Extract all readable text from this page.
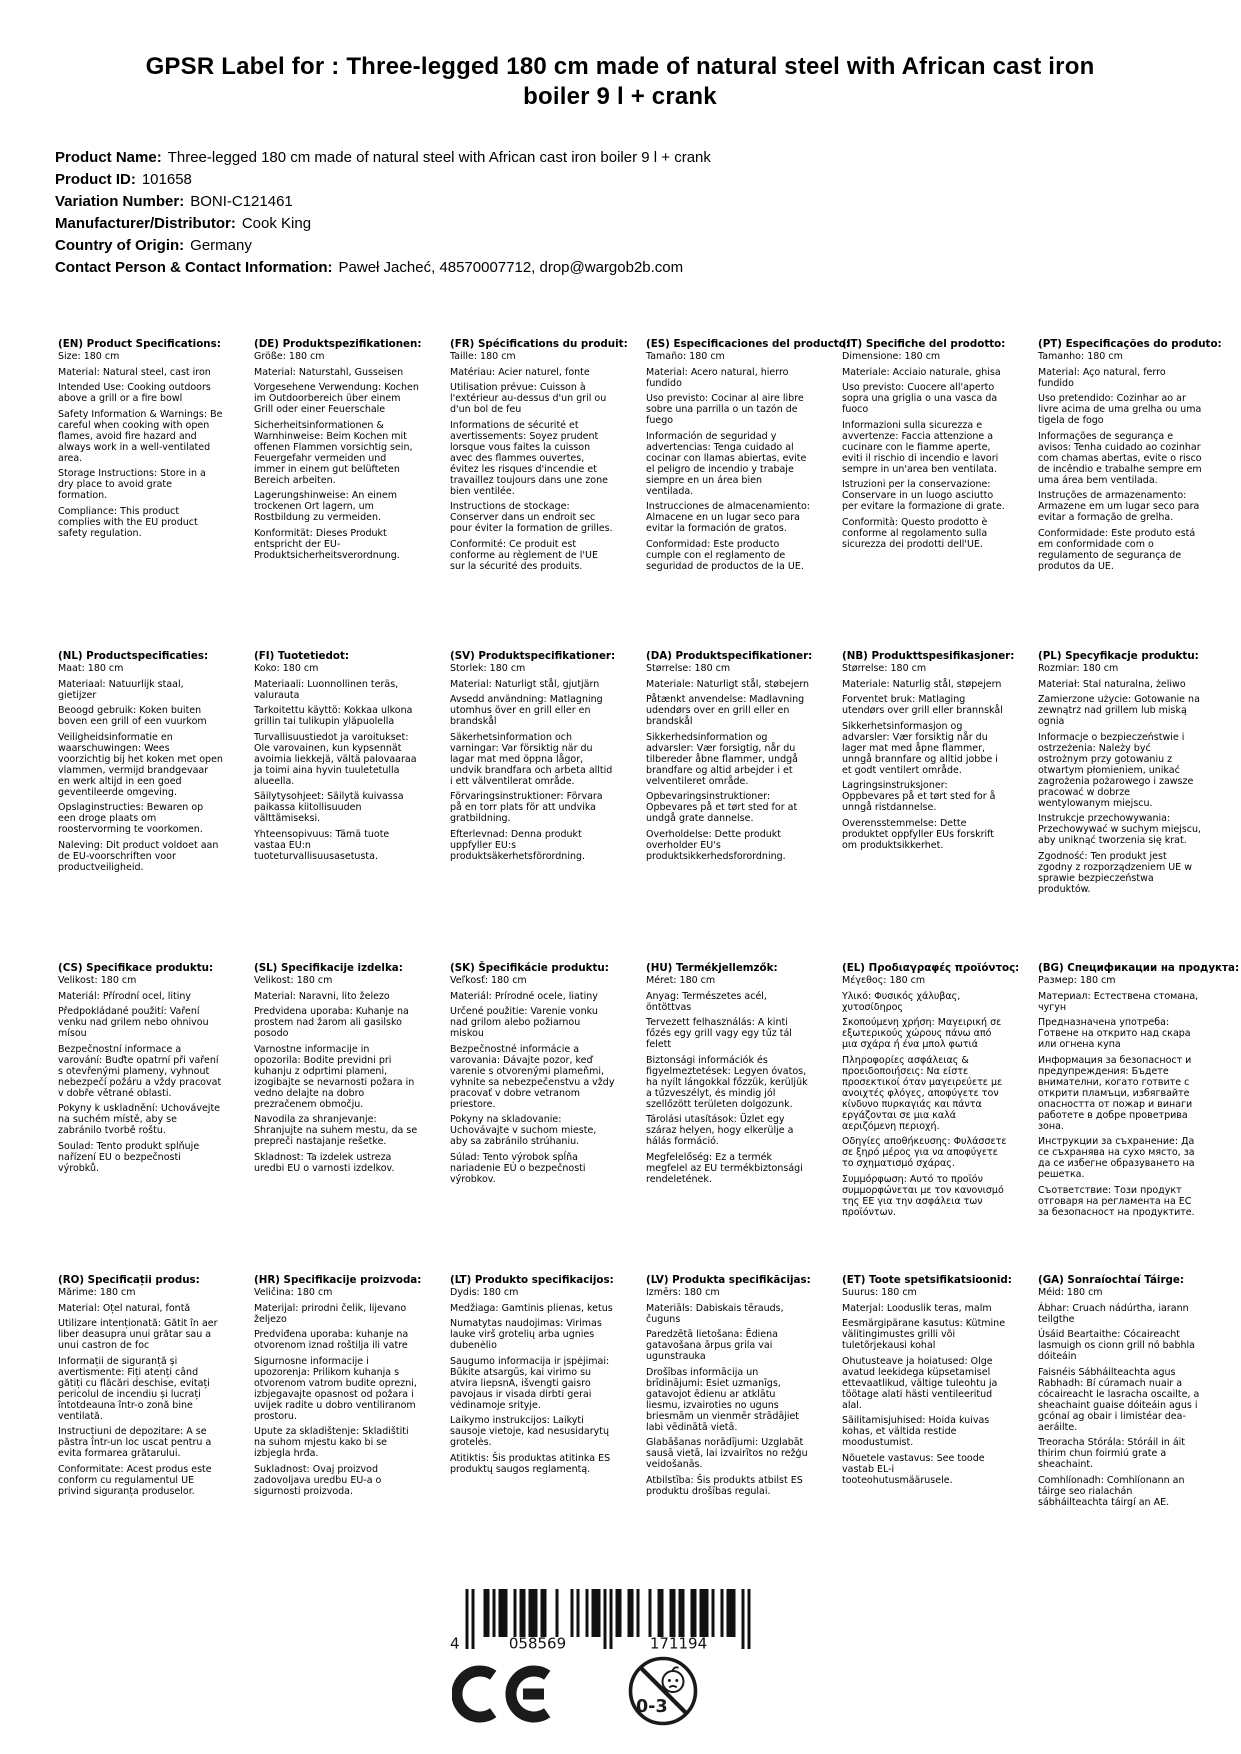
GPSR Label for : Three-legged 180 cm made of natural steel with African cast iron boiler 9 l + crank
Product Name: Three-legged 180 cm made of natural steel with African cast iron boiler 9 l + crank
Product ID: 101658
Variation Number: BONI-C121461
Manufacturer/Distributor: Cook King
Country of Origin: Germany
Contact Person & Contact Information: Paweł Jacheć, 48570007712, drop@wargob2b.com
(EN) Product Specifications:

Size: 180 cm

Material: Natural steel, cast iron

Intended Use: Cooking outdoors above a grill or a fire bowl

Safety Information & Warnings: Be careful when cooking with open flames, avoid fire hazard and always work in a well-ventilated area.

Storage Instructions: Store in a dry place to avoid grate formation.

Compliance: This product complies with the EU product safety regulation.

(DE) Produktspezifikationen:

Größe: 180 cm

Material: Naturstahl, Gusseisen

Vorgesehene Verwendung: Kochen im Outdoorbereich über einem Grill oder einer Feuerschale

Sicherheitsinformationen & Warnhinweise: Beim Kochen mit offenen Flammen vorsichtig sein, Feuergefahr vermeiden und immer in einem gut belüfteten Bereich arbeiten.

Lagerungshinweise: An einem trockenen Ort lagern, um Rostbildung zu vermeiden.

Konformität: Dieses Produkt entspricht der EU-Produktsicherheitsverordnung.

(FR) Spécifications du produit:

Taille: 180 cm

Matériau: Acier naturel, fonte

Utilisation prévue: Cuisson à l'extérieur au-dessus d'un gril ou d'un bol de feu

Informations de sécurité et avertissements: Soyez prudent lorsque vous faites la cuisson avec des flammes ouvertes, évitez les risques d'incendie et travaillez toujours dans une zone bien ventilée.

Instructions de stockage: Conserver dans un endroit sec pour éviter la formation de grilles.

Conformité: Ce produit est conforme au règlement de l'UE sur la sécurité des produits.

(ES) Especificaciones del producto:

Tamaño: 180 cm

Material: Acero natural, hierro fundido

Uso previsto: Cocinar al aire libre sobre una parrilla o un tazón de fuego

Información de seguridad y advertencias: Tenga cuidado al cocinar con llamas abiertas, evite el peligro de incendio y trabaje siempre en un área bien ventilada.

Instrucciones de almacenamiento: Almacene en un lugar seco para evitar la formación de gratos.

Conformidad: Este producto cumple con el reglamento de seguridad de productos de la UE.

(IT) Specifiche del prodotto:

Dimensione: 180 cm

Materiale: Acciaio naturale, ghisa

Uso previsto: Cuocere all'aperto sopra una griglia o una vasca da fuoco

Informazioni sulla sicurezza e avvertenze: Faccia attenzione a cucinare con le fiamme aperte, eviti il rischio di incendio e lavori sempre in un'area ben ventilata.

Istruzioni per la conservazione: Conservare in un luogo asciutto per evitare la formazione di grate.

Conformità: Questo prodotto è conforme al regolamento sulla sicurezza dei prodotti dell'UE.

(PT) Especificações do produto:

Tamanho: 180 cm

Material: Aço natural, ferro fundido

Uso pretendido: Cozinhar ao ar livre acima de uma grelha ou uma tigela de fogo

Informações de segurança e avisos: Tenha cuidado ao cozinhar com chamas abertas, evite o risco de incêndio e trabalhe sempre em uma área bem ventilada.

Instruções de armazenamento: Armazene em um lugar seco para evitar a formação de grelha.

Conformidade: Este produto está em conformidade com o regulamento de segurança de produtos da UE.

(NL) Productspecificaties:

Maat: 180 cm

Materiaal: Natuurlijk staal, gietijzer

Beoogd gebruik: Koken buiten boven een grill of een vuurkom

Veiligheidsinformatie en waarschuwingen: Wees voorzichtig bij het koken met open vlammen, vermijd brandgevaar en werk altijd in een goed geventileerde omgeving.

Opslaginstructies: Bewaren op een droge plaats om roostervorming te voorkomen.

Naleving: Dit product voldoet aan de EU-voorschriften voor productveiligheid.

(FI) Tuotetiedot:

Koko: 180 cm

Materiaali: Luonnollinen teräs, valurauta

Tarkoitettu käyttö: Kokkaa ulkona grillin tai tulikupin yläpuolella

Turvallisuustiedot ja varoitukset: Ole varovainen, kun kypsennät avoimia liekkejä, vältä palovaaraa ja toimi aina hyvin tuuletetulla alueella.

Säilytysohjeet: Säilytä kuivassa paikassa kiitollisuuden välttämiseksi.

Yhteensopivuus: Tämä tuote vastaa EU:n tuoteturvallisuusasetusta.

(SV) Produktspecifikationer:

Storlek: 180 cm

Material: Naturligt stål, gjutjärn

Avsedd användning: Matlagning utomhus över en grill eller en brandskål

Säkerhetsinformation och varningar: Var försiktig när du lagar mat med öppna lågor, undvik brandfara och arbeta alltid i ett välventilerat område.

Förvaringsinstruktioner: Förvara på en torr plats för att undvika gratbildning.

Efterlevnad: Denna produkt uppfyller EU:s produktsäkerhetsförordning.

(DA) Produktspecifikationer:

Størrelse: 180 cm

Materiale: Naturligt stål, støbejern

Påtænkt anvendelse: Madlavning udendørs over en grill eller en brandskål

Sikkerhedsinformation og advarsler: Vær forsigtig, når du tilbereder åbne flammer, undgå brandfare og altid arbejder i et velventileret område.

Opbevaringsinstruktioner: Opbevares på et tørt sted for at undgå grate dannelse.

Overholdelse: Dette produkt overholder EU's produktsikkerhedsforordning.

(NB) Produkttspesifikasjoner:

Størrelse: 180 cm

Materiale: Naturlig stål, støpejern

Forventet bruk: Matlaging utendørs over grill eller brannskål

Sikkerhetsinformasjon og advarsler: Vær forsiktig når du lager mat med åpne flammer, unngå brannfare og alltid jobbe i et godt ventilert område.

Lagringsinstruksjoner: Oppbevares på et tørt sted for å unngå ristdannelse.

Overensstemmelse: Dette produktet oppfyller EUs forskrift om produktsikkerhet.

(PL) Specyfikacje produktu:

Rozmiar: 180 cm

Materiał: Stal naturalna, żeliwo

Zamierzone użycie: Gotowanie na zewnątrz nad grillem lub miską ognia

Informacje o bezpieczeństwie i ostrzeżenia: Należy być ostrożnym przy gotowaniu z otwartym płomieniem, unikać zagrożenia pożarowego i zawsze pracować w dobrze wentylowanym miejscu.

Instrukcje przechowywania: Przechowywać w suchym miejscu, aby uniknąć tworzenia się krat.

Zgodność: Ten produkt jest zgodny z rozporządzeniem UE w sprawie bezpieczeństwa produktów.

(CS) Specifikace produktu:

Velikost: 180 cm

Materiál: Přírodní ocel, litiny

Předpokládané použití: Vaření venku nad grilem nebo ohnivou mísou

Bezpečnostní informace a varování: Buďte opatrní při vaření s otevřenými plameny, vyhnout nebezpečí požáru a vždy pracovat v dobře větrané oblasti.

Pokyny k uskladnění: Uchovávejte na suchém místě, aby se zabránilo tvorbě roštu.

Soulad: Tento produkt splňuje nařízení EU o bezpečnosti výrobků.

(SL) Specifikacije izdelka:

Velikost: 180 cm

Material: Naravni, lito železo

Predvidena uporaba: Kuhanje na prostem nad žarom ali gasilsko posodo

Varnostne informacije in opozorila: Bodite previdni pri kuhanju z odprtimi plameni, izogibajte se nevarnosti požara in vedno delajte na dobro prezračenem območju.

Navodila za shranjevanje: Shranjujte na suhem mestu, da se prepreči nastajanje rešetke.

Skladnost: Ta izdelek ustreza uredbi EU o varnosti izdelkov.

(SK) Špecifikácie produktu:

Veľkosť: 180 cm

Materiál: Prírodné ocele, liatiny

Určené použitie: Varenie vonku nad grilom alebo požiarnou miskou

Bezpečnostné informácie a varovania: Dávajte pozor, keď varenie s otvorenými plameňmi, vyhnite sa nebezpečenstvu a vždy pracovať v dobre vetranom priestore.

Pokyny na skladovanie: Uchovávajte v suchom mieste, aby sa zabránilo strúhaniu.

Súlad: Tento výrobok spĺňa nariadenie EÚ o bezpečnosti výrobkov.

(HU) Termékjellemzők:

Méret: 180 cm

Anyag: Természetes acél, öntöttvas

Tervezett felhasználás: A kinti főzés egy grill vagy egy tűz tál felett

Biztonsági információk és figyelmeztetések: Legyen óvatos, ha nyílt lángokkal főzzük, kerüljük a tűzveszélyt, és mindig jól szellőzött területen dolgozunk.

Tárolási utasítások: Üzlet egy száraz helyen, hogy elkerülje a hálás formáció.

Megfelelőség: Ez a termék megfelel az EU termékbiztonsági rendeletének.

(EL) Προδιαγραφές προϊόντος:

Μέγεθος: 180 cm

Υλικό: Φυσικός χάλυβας, χυτοσίδηρος

Σκοπούμενη χρήση: Μαγειρική σε εξωτερικούς χώρους πάνω από μια σχάρα ή ένα μπολ φωτιά

Πληροφορίες ασφάλειας & προειδοποιήσεις: Να είστε προσεκτικοί όταν μαγειρεύετε με ανοιχτές φλόγες, αποφύγετε τον κίνδυνο πυρκαγιάς και πάντα εργάζονται σε μια καλά αεριζόμενη περιοχή.

Οδηγίες αποθήκευσης: Φυλάσσετε σε ξηρό μέρος για να αποφύγετε το σχηματισμό σχάρας.

Συμμόρφωση: Αυτό το προϊόν συμμορφώνεται με τον κανονισμό της ΕΕ για την ασφάλεια των προϊόντων.

(BG) Спецификации на продукта:

Размер: 180 cm

Материал: Естествена стомана, чугун

Предназначена употреба: Готвене на открито над скара или огнена купа

Информация за безопасност и предупреждения: Бъдете внимателни, когато готвите с открити пламъци, избягвайте опасността от пожар и винаги работете в добре проветрива зона.

Инструкции за съхранение: Да се съхранява на сухо място, за да се избегне образуването на решетка.

Съответствие: Този продукт отговаря на регламента на ЕС за безопасност на продуктите.

(RO) Specificații produs:

Mărime: 180 cm

Material: Oțel natural, fontă

Utilizare intenționată: Gătit în aer liber deasupra unui grătar sau a unui castron de foc

Informații de siguranță și avertismente: Fiți atenți când gătiți cu flăcări deschise, evitați pericolul de incendiu și lucrați întotdeauna într-o zonă bine ventilată.

Instrucțiuni de depozitare: A se păstra într-un loc uscat pentru a evita formarea grătarului.

Conformitate: Acest produs este conform cu regulamentul UE privind siguranța produselor.

(HR) Specifikacije proizvoda:

Veličina: 180 cm

Materijal: prirodni čelik, lijevano željezo

Predviđena uporaba: kuhanje na otvorenom iznad roštilja ili vatre

Sigurnosne informacije i upozorenja: Prilikom kuhanja s otvorenom vatrom budite oprezni, izbjegavajte opasnost od požara i uvijek radite u dobro ventiliranom prostoru.

Upute za skladištenje: Skladištiti na suhom mjestu kako bi se izbjegla hrđa.

Sukladnost: Ovaj proizvod zadovoljava uredbu EU-a o sigurnosti proizvoda.

(LT) Produkto specifikacijos:

Dydis: 180 cm

Medžiaga: Gamtinis plienas, ketus

Numatytas naudojimas: Virimas lauke virš grotelių arba ugnies dubenėlio

Saugumo informacija ir įspėjimai: Būkite atsargūs, kai virimo su atvira liepsnA, išvengti gaisro pavojaus ir visada dirbti gerai vėdinamoje srityje.

Laikymo instrukcijos: Laikyti sausoje vietoje, kad nesusidarytų grotelės.

Atitiktis: Šis produktas atitinka ES produktų saugos reglamentą.

(LV) Produkta specifikācijas:

Izmērs: 180 cm

Materiāls: Dabiskais tērauds, čuguns

Paredzētā lietošana: Ēdiena gatavošana ārpus grila vai ugunstrauka

Drošības informācija un brīdinājumi: Esiet uzmanīgs, gatavojot ēdienu ar atklātu liesmu, izvairoties no uguns briesmām un vienmēr strādājiet labi vēdinātā vietā.

Glabāšanas norādījumi: Uzglabāt sausā vietā, lai izvairītos no režģu veidošanās.

Atbilstība: Šis produkts atbilst ES produktu drošības regulai.

(ET) Toote spetsifikatsioonid:

Suurus: 180 cm

Materjal: Looduslik teras, malm

Eesmärgipärane kasutus: Kütmine välitingimustes grilli või tuletõrjekausi kohal

Ohutusteave ja hoiatused: Olge avatud leekidega küpsetamisel ettevaatlikud, vältige tuleohtu ja töötage alati hästi ventileeritud alal.

Säilitamisjuhised: Hoida kuivas kohas, et vältida restide moodustumist.

Nõuetele vastavus: See toode vastab EL-i tooteohutusmäärusele.

(GA) Sonraíochtaí Táirge:

Méid: 180 cm

Ábhar: Cruach nádúrtha, iarann teilgthe

Úsáid Beartaithe: Cócaireacht lasmuigh os cionn grill nó babhla dóiteáin

Faisnéis Sábháilteachta agus Rabhadh: Bí cúramach nuair a cócaireacht le lasracha oscailte, a sheachaint guaise dóiteáin agus i gcónaí ag obair i limistéar dea-aeráilte.

Treoracha Stórála: Stóráil in áit thirim chun foirmiú grate a sheachaint.

Comhlíonadh: Comhlíonann an táirge seo rialachán sábháilteachta táirgí an AE.

4	058569	171194
0-3
